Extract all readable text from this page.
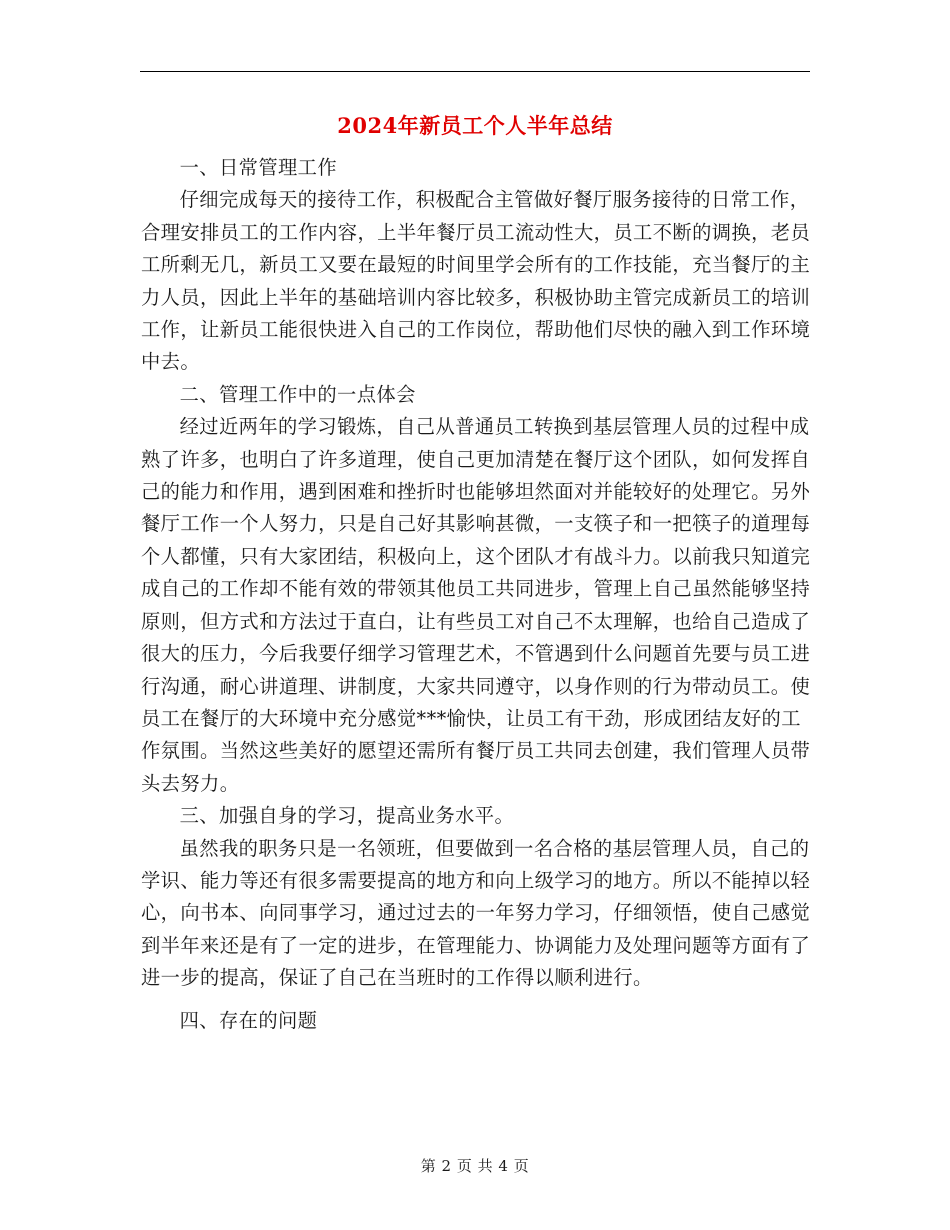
2024年新员工个人半年总结

一、日常管理工作

仔细完成每天的接待工作，积极配合主管做好餐厅服务接待的日常工作，合理安排员工的工作内容，上半年餐厅员工流动性大，员工不断的调换，老员工所剩无几，新员工又要在最短的时间里学会所有的工作技能，充当餐厅的主力人员，因此上半年的基础培训内容比较多，积极协助主管完成新员工的培训工作，让新员工能很快进入自己的工作岗位，帮助他们尽快的融入到工作环境中去。

二、管理工作中的一点体会

经过近两年的学习锻炼，自己从普通员工转换到基层管理人员的过程中成熟了许多，也明白了许多道理，使自己更加清楚在餐厅这个团队，如何发挥自己的能力和作用，遇到困难和挫折时也能够坦然面对并能较好的处理它。另外餐厅工作一个人努力，只是自己好其影响甚微，一支筷子和一把筷子的道理每个人都懂，只有大家团结，积极向上，这个团队才有战斗力。以前我只知道完成自己的工作却不能有效的带领其他员工共同进步，管理上自己虽然能够坚持原则，但方式和方法过于直白，让有些员工对自己不太理解，也给自己造成了很大的压力，今后我要仔细学习管理艺术，不管遇到什么问题首先要与员工进行沟通，耐心讲道理、讲制度，大家共同遵守，以身作则的行为带动员工。使员工在餐厅的大环境中充分感觉***愉快，让员工有干劲，形成团结友好的工作氛围。当然这些美好的愿望还需所有餐厅员工共同去创建，我们管理人员带头去努力。

三、加强自身的学习，提高业务水平。

虽然我的职务只是一名领班，但要做到一名合格的基层管理人员，自己的学识、能力等还有很多需要提高的地方和向上级学习的地方。所以不能掉以轻心，向书本、向同事学习，通过过去的一年努力学习，仔细领悟，使自己感觉到半年来还是有了一定的进步，在管理能力、协调能力及处理问题等方面有了进一步的提高，保证了自己在当班时的工作得以顺利进行。

四、存在的问题

第 2 页 共 4 页
